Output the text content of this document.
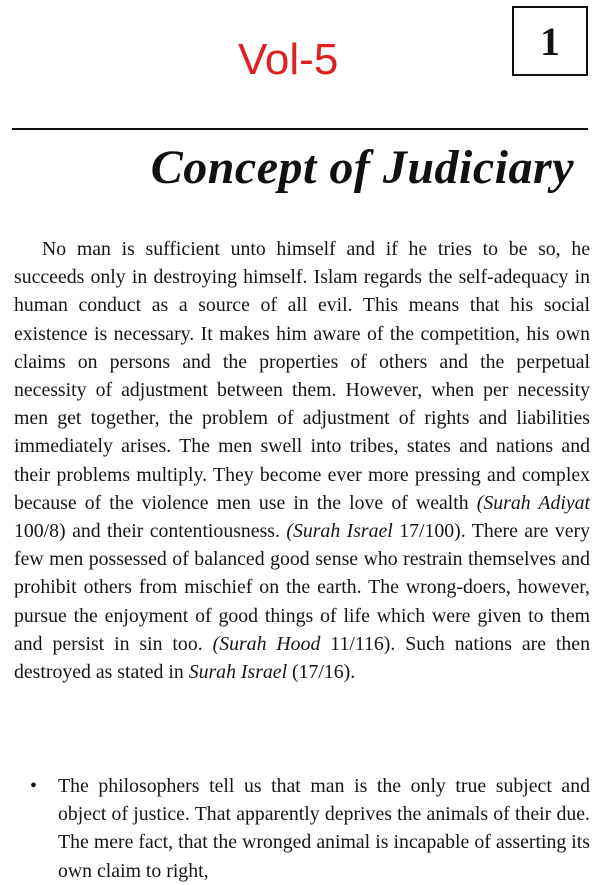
Vol-5	1
Concept of Judiciary

No man is sufficient unto himself and if he tries to be so, he succeeds only in destroying himself. Islam regards the self-adequacy in human conduct as a source of all evil. This means that his social existence is necessary. It makes him aware of the competition, his own claims on persons and the properties of others and the perpetual necessity of adjustment between them. However, when per necessity men get together, the problem of adjustment of rights and liabilities immediately arises. The men swell into tribes, states and nations and their problems multiply. They become ever more pressing and complex because of the violence men use in the love of wealth (Surah Adiyat 100/8) and their contentiousness. (Surah Israel 17/100). There are very few men possessed of balanced good sense who restrain themselves and prohibit others from mischief on the earth. The wrong-doers, however, pursue the enjoyment of good things of life which were given to them and persist in sin too. (Surah Hood 11/116). Such nations are then destroyed as stated in Surah Israel (17/16).

• The philosophers tell us that man is the only true subject and object of justice. That apparently deprives the animals of their due. The mere fact, that the wronged animal is incapable of asserting its own claim to right,
